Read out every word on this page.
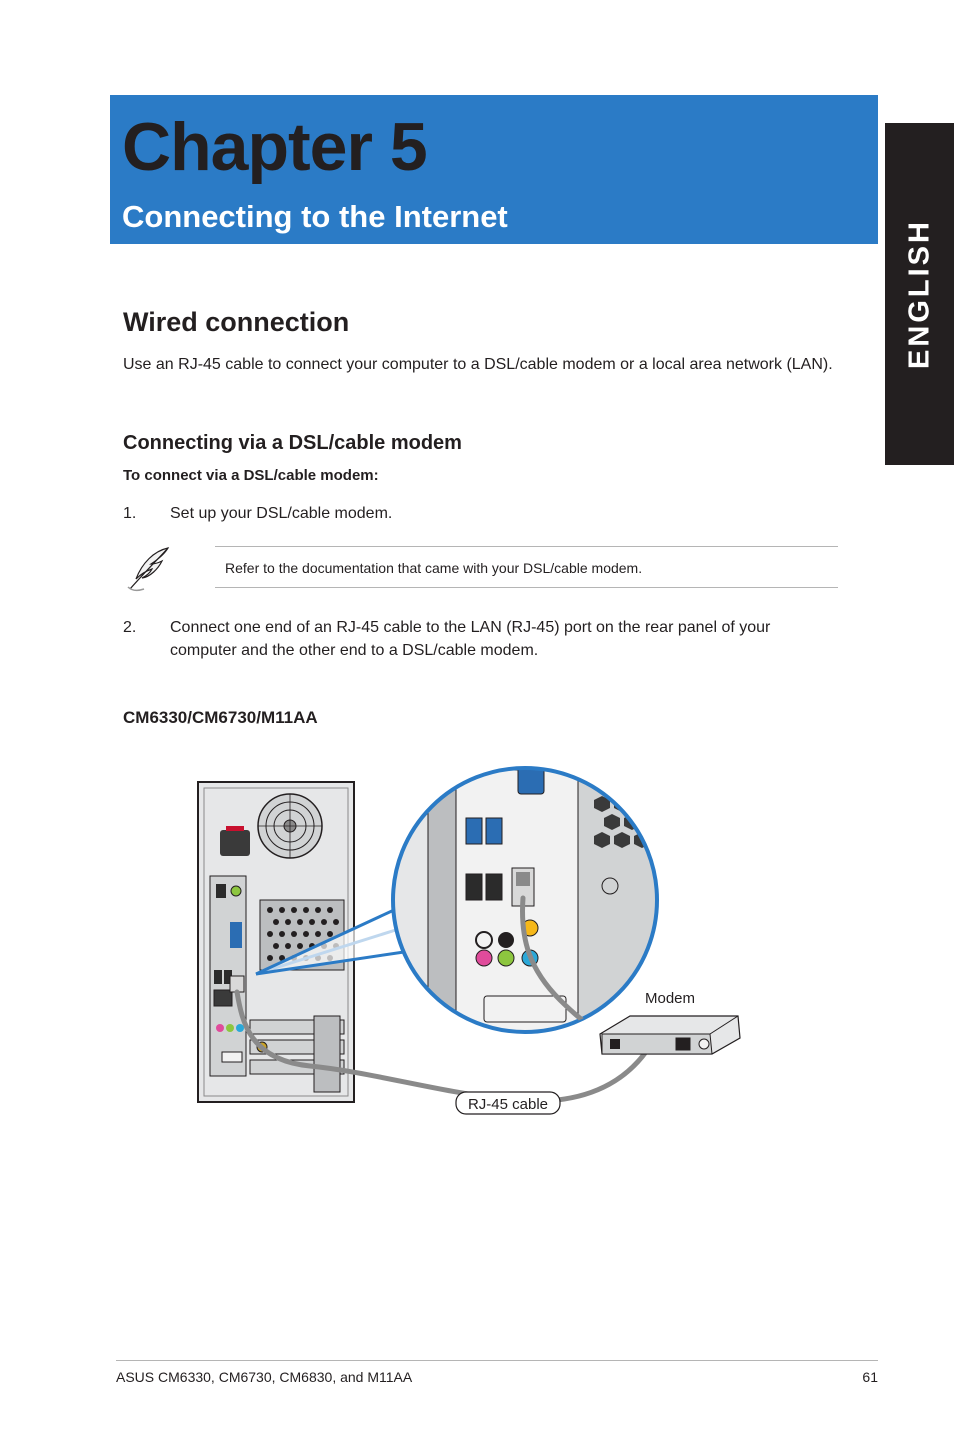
Chapter 5
Connecting to the Internet
ENGLISH
Wired connection

Use an RJ-45 cable to connect your computer to a DSL/cable modem or a local area network (LAN).

Connecting via a DSL/cable modem
To connect via a DSL/cable modem:
1. Set up your DSL/cable modem.
Refer to the documentation that came with your DSL/cable modem.
2. Connect one end of an RJ-45 cable to the LAN (RJ-45) port on the rear panel of your computer and the other end to a DSL/cable modem.
CM6330/CM6730/M11AA
Modem
RJ-45 cable
ASUS CM6330, CM6730, CM6830, and M11AA	61
